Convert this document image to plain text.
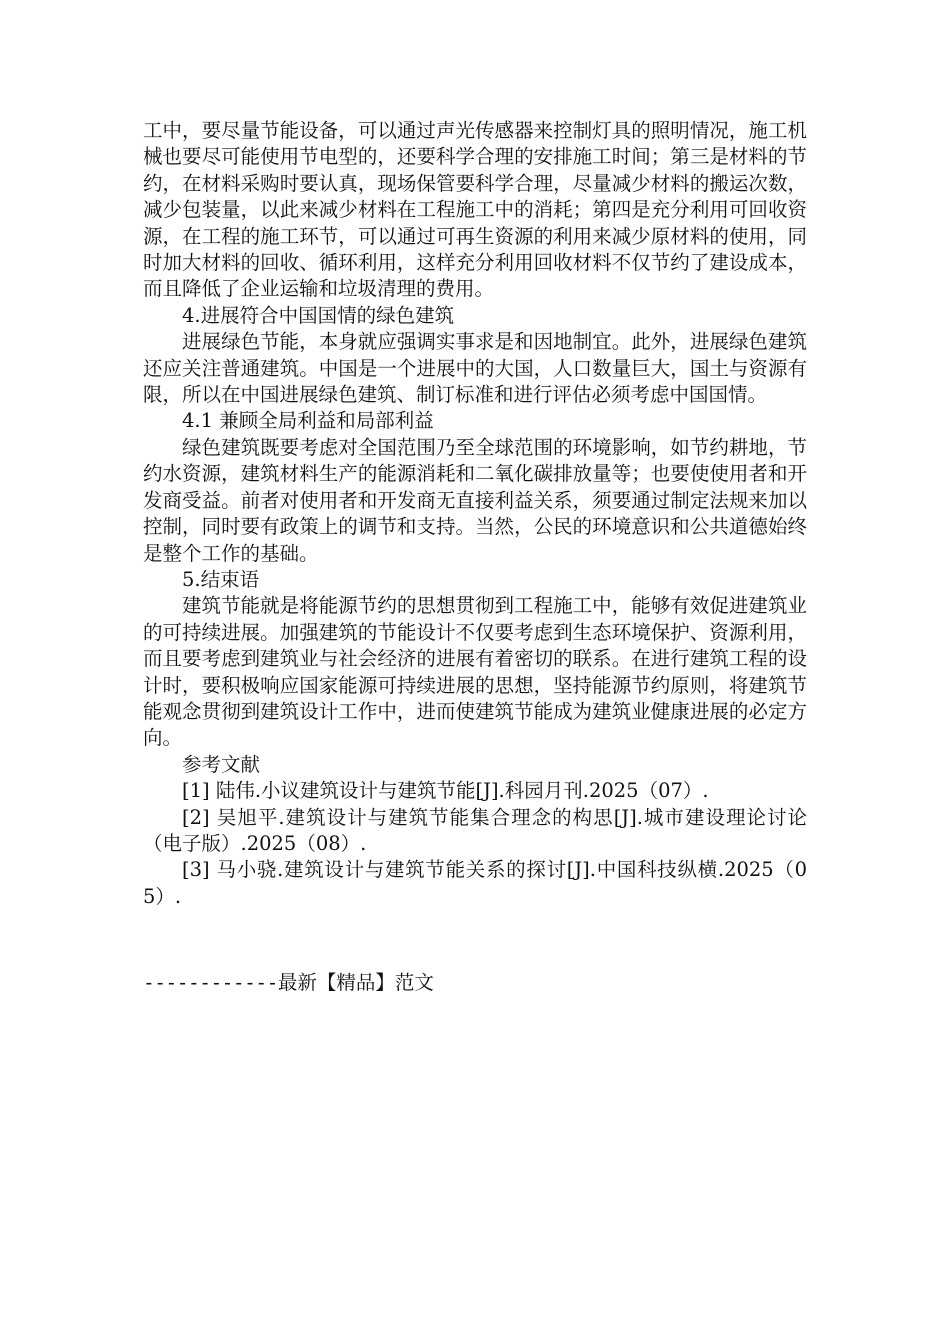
工中，要尽量节能设备，可以通过声光传感器来控制灯具的照明情况，施工机械也要尽可能使用节电型的，还要科学合理的安排施工时间；第三是材料的节约，在材料采购时要认真，现场保管要科学合理，尽量减少材料的搬运次数，减少包装量，以此来减少材料在工程施工中的消耗；第四是充分利用可回收资源，在工程的施工环节，可以通过可再生资源的利用来减少原材料的使用，同时加大材料的回收、循环利用，这样充分利用回收材料不仅节约了建设成本，而且降低了企业运输和垃圾清理的费用。

4.进展符合中国国情的绿色建筑

进展绿色节能，本身就应强调实事求是和因地制宜。此外，进展绿色建筑还应关注普通建筑。中国是一个进展中的大国，人口数量巨大，国土与资源有限，所以在中国进展绿色建筑、制订标准和进行评估必须考虑中国国情。

4.1 兼顾全局利益和局部利益

绿色建筑既要考虑对全国范围乃至全球范围的环境影响，如节约耕地，节约水资源，建筑材料生产的能源消耗和二氧化碳排放量等；也要使使用者和开发商受益。前者对使用者和开发商无直接利益关系，须要通过制定法规来加以控制，同时要有政策上的调节和支持。当然，公民的环境意识和公共道德始终是整个工作的基础。

5.结束语

建筑节能就是将能源节约的思想贯彻到工程施工中，能够有效促进建筑业的可持续进展。加强建筑的节能设计不仅要考虑到生态环境保护、资源利用，而且要考虑到建筑业与社会经济的进展有着密切的联系。在进行建筑工程的设计时，要积极响应国家能源可持续进展的思想，坚持能源节约原则，将建筑节能观念贯彻到建筑设计工作中，进而使建筑节能成为建筑业健康进展的必定方向。

参考文献

[1] 陆伟.小议建筑设计与建筑节能[J].科园月刊.2025（07）.

[2] 吴旭平.建筑设计与建筑节能集合理念的构思[J].城市建设理论讨论（电子版）.2025（08）.

[3] 马小骁.建筑设计与建筑节能关系的探讨[J].中国科技纵横.2025（05）.

------------最新【精品】范文
